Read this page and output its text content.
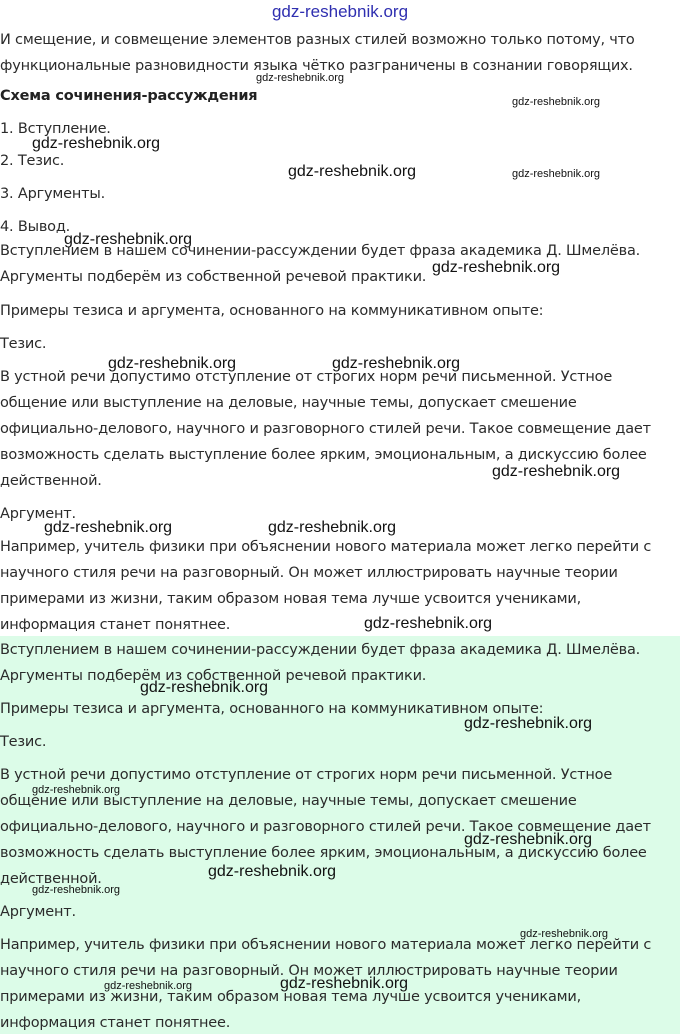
gdz-reshebnik.org
И смещение, и совмещение элементов разных стилей возможно только потому, что
функциональные разновидности языка чётко разграничены в сознании говорящих.
Схема сочинения-рассуждения
1. Вступление.
2. Тезис.
3. Аргументы.
4. Вывод.
Вступлением в нашем сочинении-рассуждении будет фраза академика Д. Шмелёва.
Аргументы подберём из собственной речевой практики.
Примеры тезиса и аргумента, основанного на коммуникативном опыте:
Тезис.
В устной речи допустимо отступление от строгих норм речи письменной. Устное
общение или выступление на деловые, научные темы, допускает смешение
официально-делового, научного и разговорного стилей речи. Такое совмещение дает
возможность сделать выступление более ярким, эмоциональным, а дискуссию более
действенной.
Аргумент.
Например, учитель физики при объяснении нового материала может легко перейти с
научного стиля речи на разговорный. Он может иллюстрировать научные теории
примерами из жизни, таким образом новая тема лучше усвоится учениками,
информация станет понятнее.
Вступлением в нашем сочинении-рассуждении будет фраза академика Д. Шмелёва.
Аргументы подберём из собственной речевой практики.
Примеры тезиса и аргумента, основанного на коммуникативном опыте:
Тезис.
В устной речи допустимо отступление от строгих норм речи письменной. Устное
общение или выступление на деловые, научные темы, допускает смешение
официально-делового, научного и разговорного стилей речи. Такое совмещение дает
возможность сделать выступление более ярким, эмоциональным, а дискуссию более
действенной.
Аргумент.
Например, учитель физики при объяснении нового материала может легко перейти с
научного стиля речи на разговорный. Он может иллюстрировать научные теории
примерами из жизни, таким образом новая тема лучше усвоится учениками,
информация станет понятнее.
gdz-reshebnik.org
gdz-reshebnik.org
gdz-reshebnik.org
gdz-reshebnik.org	gdz-reshebnik.org
gdz-reshebnik.org
gdz-reshebnik.org
gdz-reshebnik.org	gdz-reshebnik.org
gdz-reshebnik.org
gdz-reshebnik.org	gdz-reshebnik.org
gdz-reshebnik.org
gdz-reshebnik.org
gdz-reshebnik.org
gdz-reshebnik.org
gdz-reshebnik.org
gdz-reshebnik.org
gdz-reshebnik.org
gdz-reshebnik.org
gdz-reshebnik.org	gdz-reshebnik.org
